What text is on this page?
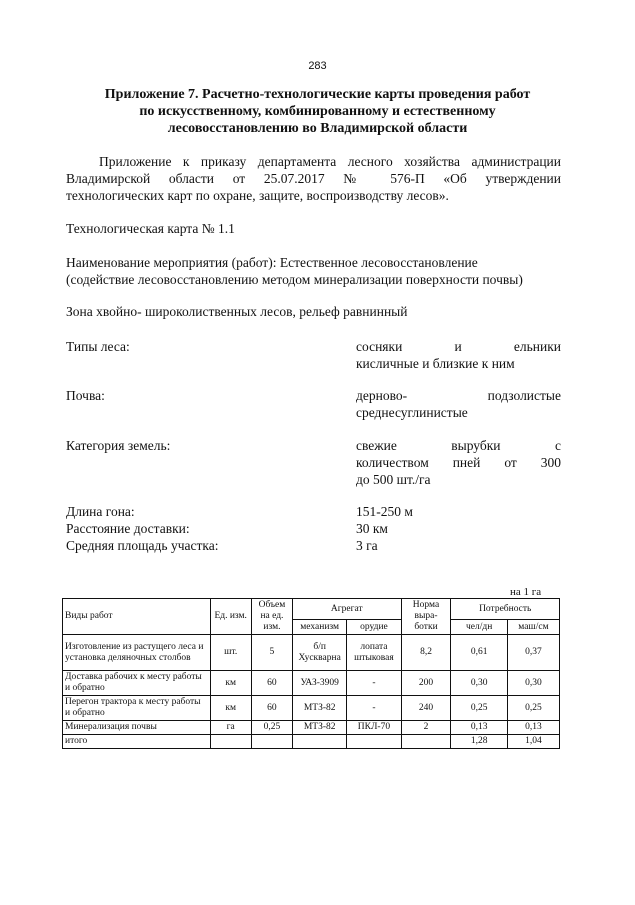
283
Приложение 7. Расчетно-технологические карты проведения работ
по искусственному, комбинированному и естественному
лесовосстановлению во Владимирской области
Приложение к приказу департамента лесного хозяйства администрации
Владимирской области от 25.07.2017 № 576-П «Об утверждении
технологических карт по охране, защите, воспроизводству лесов».
Технологическая карта № 1.1
Наименование мероприятия (работ): Естественное лесовосстановление
(содействие лесовосстановлению методом минерализации поверхности почвы)
Зона хвойно- широколиственных лесов, рельеф равнинный
Типы леса:	сосняки и ельники
кисличные и близкие к ним
Почва:	дерново- подзолистые
среднесуглинистые
Категория земель:	свежие вырубки с
количеством пней от 300
до 500 шт./га
Длина гона:	151-250 м
Расстояние доставки:	30 км
Средняя площадь участка:	3 га
на 1 га
Виды работ	Ед. изм.	Объем на ед. изм.	Агрегат		Норма выра-ботки	Потребность	
			механизм	орудие		чел/дн	маш/см
Изготовление из растущего леса и установка деляночных столбов	шт.	5	б/п Хускварна	лопата штыковая	8,2	0,61	0,37
Доставка рабочих к месту работы и обратно	км	60	УАЗ-3909	-	200	0,30	0,30
Перегон трактора к месту работы и обратно	км	60	МТЗ-82	-	240	0,25	0,25
Минерализация почвы	га	0,25	МТЗ-82	ПКЛ-70	2	0,13	0,13
итого						1,28	1,04
